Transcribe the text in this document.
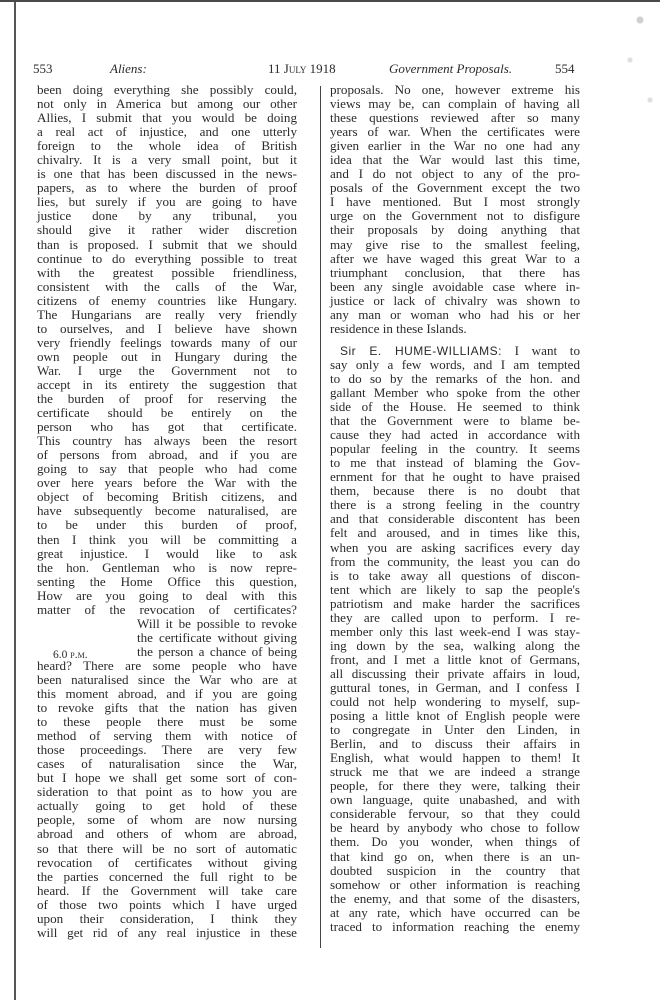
553	Aliens:	11 July 1918	Government Proposals.	554
been doing everything she possibly could,
not only in America but among our other
Allies, I submit that you would be doing
a real act of injustice, and one utterly
foreign to the whole idea of British
chivalry. It is a very small point, but it
is one that has been discussed in the news-
papers, as to where the burden of proof
lies, but surely if you are going to have
justice done by any tribunal, you
should give it rather wider discretion
than is proposed. I submit that we should
continue to do everything possible to treat
with the greatest possible friendliness,
consistent with the calls of the War,
citizens of enemy countries like Hungary.
The Hungarians are really very friendly
to ourselves, and I believe have shown
very friendly feelings towards many of our
own people out in Hungary during the
War. I urge the Government not to
accept in its entirety the suggestion that
the burden of proof for reserving the
certificate should be entirely on the
person who has got that certificate.
This country has always been the resort
of persons from abroad, and if you are
going to say that people who had come
over here years before the War with the
object of becoming British citizens, and
have subsequently become naturalised, are
to be under this burden of proof,
then I think you will be committing a
great injustice. I would like to ask
the hon. Gentleman who is now repre-
senting the Home Office this question,
How are you going to deal with this
matter of the revocation of certificates?
Will it be possible to revoke
the certificate without giving
the person a chance of being
heard? There are some people who have
been naturalised since the War who are at
this moment abroad, and if you are going
to revoke gifts that the nation has given
to these people there must be some
method of serving them with notice of
those proceedings. There are very few
cases of naturalisation since the War,
but I hope we shall get some sort of con-
sideration to that point as to how you are
actually going to get hold of these
people, some of whom are now nursing
abroad and others of whom are abroad,
so that there will be no sort of automatic
revocation of certificates without giving
the parties concerned the full right to be
heard. If the Government will take care
of those two points which I have urged
upon their consideration, I think they
will get rid of any real injustice in these
6.0 p.m.
proposals. No one, however extreme his
views may be, can complain of having all
these questions reviewed after so many
years of war. When the certificates were
given earlier in the War no one had any
idea that the War would last this time,
and I do not object to any of the pro-
posals of the Government except the two
I have mentioned. But I most strongly
urge on the Government not to disfigure
their proposals by doing anything that
may give rise to the smallest feeling,
after we have waged this great War to a
triumphant conclusion, that there has
been any single avoidable case where in-
justice or lack of chivalry was shown to
any man or woman who had his or her
residence in these Islands.
Sir E. HUME-WILLIAMS: I want to
say only a few words, and I am tempted
to do so by the remarks of the hon. and
gallant Member who spoke from the other
side of the House. He seemed to think
that the Government were to blame be-
cause they had acted in accordance with
popular feeling in the country. It seems
to me that instead of blaming the Gov-
ernment for that he ought to have praised
them, because there is no doubt that
there is a strong feeling in the country
and that considerable discontent has been
felt and aroused, and in times like this,
when you are asking sacrifices every day
from the community, the least you can do
is to take away all questions of discon-
tent which are likely to sap the people's
patriotism and make harder the sacrifices
they are called upon to perform. I re-
member only this last week-end I was stay-
ing down by the sea, walking along the
front, and I met a little knot of Germans,
all discussing their private affairs in loud,
guttural tones, in German, and I confess I
could not help wondering to myself, sup-
posing a little knot of English people were
to congregate in Unter den Linden, in
Berlin, and to discuss their affairs in
English, what would happen to them! It
struck me that we are indeed a strange
people, for there they were, talking their
own language, quite unabashed, and with
considerable fervour, so that they could
be heard by anybody who chose to follow
them. Do you wonder, when things of
that kind go on, when there is an un-
doubted suspicion in the country that
somehow or other information is reaching
the enemy, and that some of the disasters,
at any rate, which have occurred can be
traced to information reaching the enemy
